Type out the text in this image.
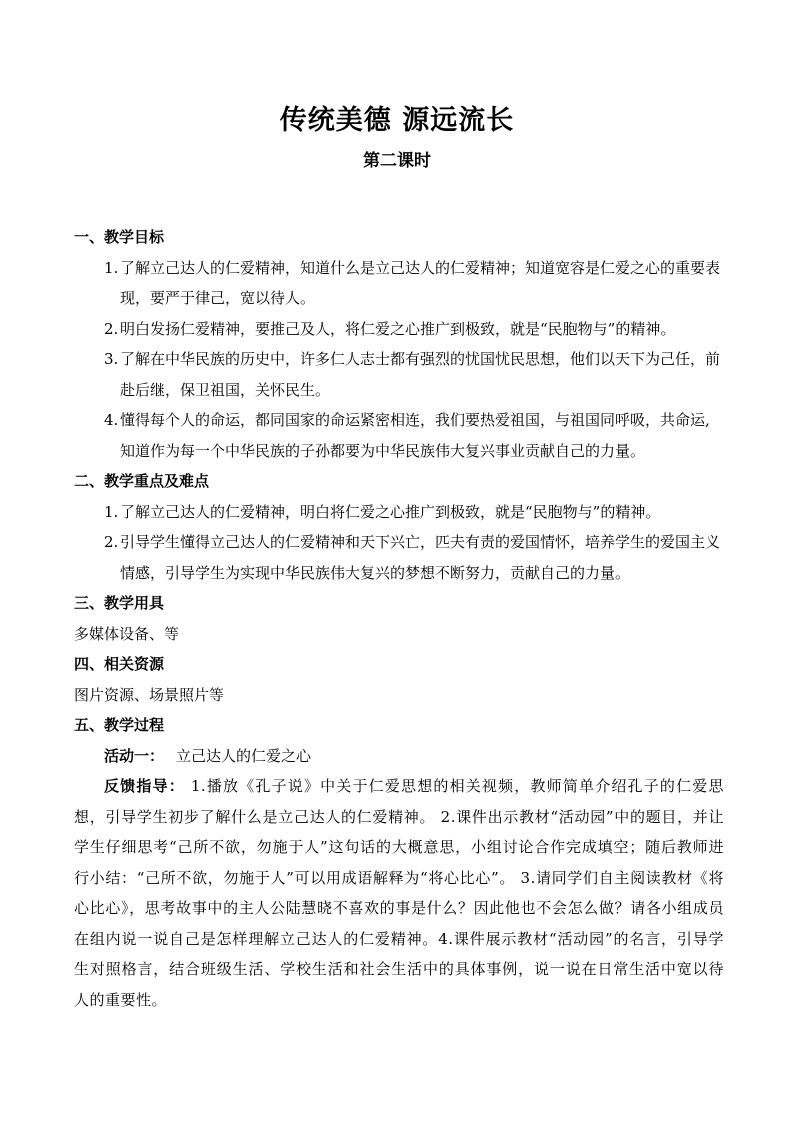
传统美德 源远流长
第二课时
一、教学目标
1. 了解立己达人的仁爱精神，知道什么是立己达人的仁爱精神；知道宽容是仁爱之心的重要表现，要严于律己，宽以待人。
2. 明白发扬仁爱精神，要推己及人，将仁爱之心推广到极致，就是“民胞物与”的精神。
3. 了解在中华民族的历史中，许多仁人志士都有强烈的忧国忧民思想，他们以天下为己任，前赴后继，保卫祖国，关怀民生。
4. 懂得每个人的命运，都同国家的命运紧密相连，我们要热爱祖国，与祖国同呼吸，共命运,知道作为每一个中华民族的子孙都要为中华民族伟大复兴事业贡献自己的力量。
二、教学重点及难点
1. 了解立己达人的仁爱精神，明白将仁爱之心推广到极致，就是“民胞物与”的精神。
2. 引导学生懂得立己达人的仁爱精神和天下兴亡，匹夫有责的爱国情怀，培养学生的爱国主义情感，引导学生为实现中华民族伟大复兴的梦想不断努力，贡献自己的力量。
三、教学用具
多媒体设备、等
四、相关资源
图片资源、场景照片等
五、教学过程
活动一： 立己达人的仁爱之心
反馈指导： 1.播放《孔子说》中关于仁爱思想的相关视频，教师简单介绍孔子的仁爱思想，引导学生初步了解什么是立己达人的仁爱精神。 2.课件出示教材“活动园”中的题目，并让学生仔细思考“己所不欲，勿施于人”这句话的大概意思，小组讨论合作完成填空；随后教师进行小结：“己所不欲，勿施于人”可以用成语解释为“将心比心”。 3.请同学们自主阅读教材《将心比心》，思考故事中的主人公陆慧晓不喜欢的事是什么？因此他也不会怎么做？请各小组成员在组内说一说自己是怎样理解立己达人的仁爱精神。4.课件展示教材“活动园”的名言，引导学生对照格言，结合班级生活、学校生活和社会生活中的具体事例，说一说在日常生活中宽以待人的重要性。
